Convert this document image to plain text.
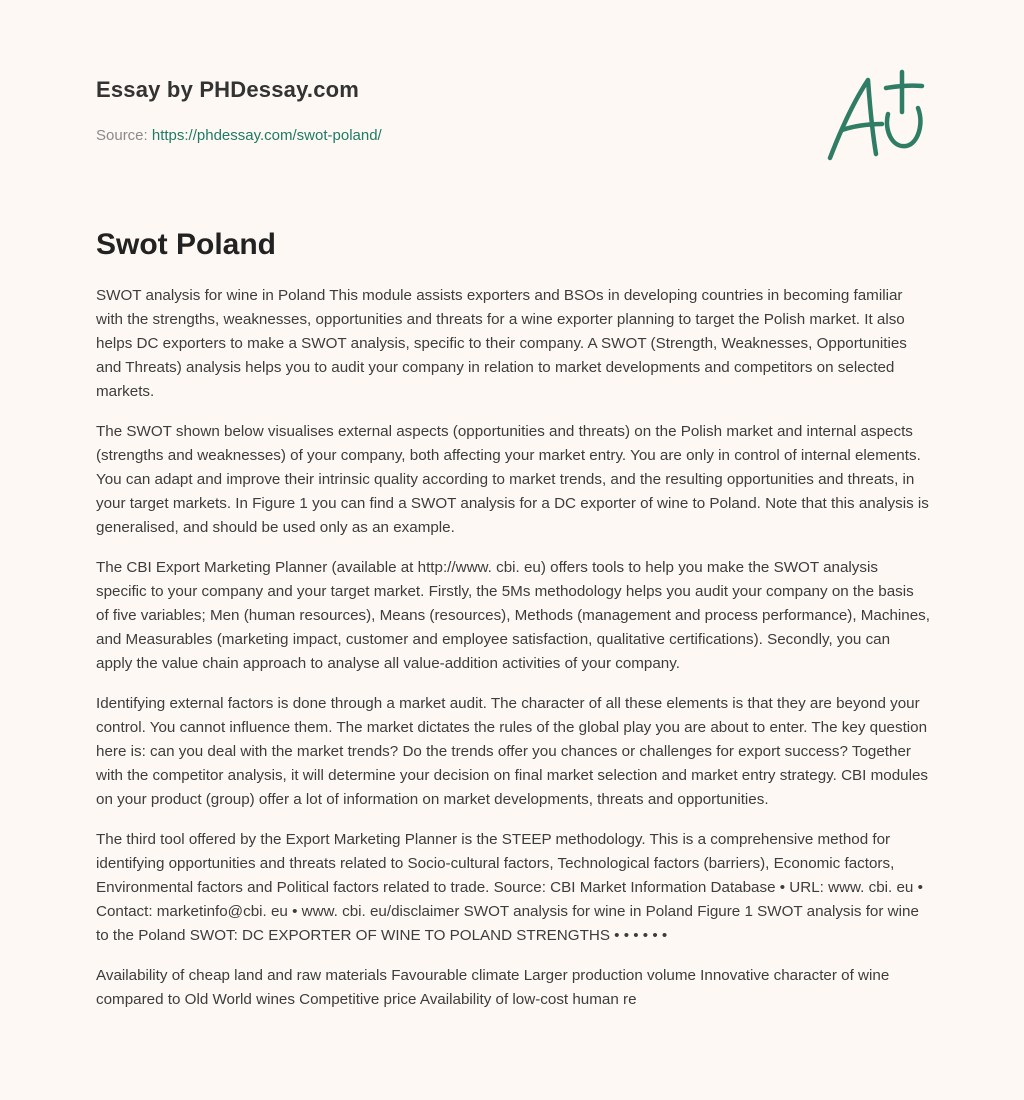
Essay by PHDessay.com
Source: https://phdessay.com/swot-poland/
Swot Poland

SWOT analysis for wine in Poland This module assists exporters and BSOs in developing countries in becoming familiar with the strengths, weaknesses, opportunities and threats for a wine exporter planning to target the Polish market. It also helps DC exporters to make a SWOT analysis, specific to their company. A SWOT (Strength, Weaknesses, Opportunities and Threats) analysis helps you to audit your company in relation to market developments and competitors on selected markets.

The SWOT shown below visualises external aspects (opportunities and threats) on the Polish market and internal aspects (strengths and weaknesses) of your company, both affecting your market entry. You are only in control of internal elements. You can adapt and improve their intrinsic quality according to market trends, and the resulting opportunities and threats, in your target markets. In Figure 1 you can find a SWOT analysis for a DC exporter of wine to Poland. Note that this analysis is generalised, and should be used only as an example.

The CBI Export Marketing Planner (available at http://www. cbi. eu) offers tools to help you make the SWOT analysis specific to your company and your target market. Firstly, the 5Ms methodology helps you audit your company on the basis of five variables; Men (human resources), Means (resources), Methods (management and process performance), Machines, and Measurables (marketing impact, customer and employee satisfaction, qualitative certifications). Secondly, you can apply the value chain approach to analyse all value-addition activities of your company.

Identifying external factors is done through a market audit. The character of all these elements is that they are beyond your control. You cannot influence them. The market dictates the rules of the global play you are about to enter. The key question here is: can you deal with the market trends? Do the trends offer you chances or challenges for export success? Together with the competitor analysis, it will determine your decision on final market selection and market entry strategy. CBI modules on your product (group) offer a lot of information on market developments, threats and opportunities.

The third tool offered by the Export Marketing Planner is the STEEP methodology. This is a comprehensive method for identifying opportunities and threats related to Socio-cultural factors, Technological factors (barriers), Economic factors, Environmental factors and Political factors related to trade. Source: CBI Market Information Database • URL: www. cbi. eu • Contact: marketinfo@cbi. eu • www. cbi. eu/disclaimer SWOT analysis for wine in Poland Figure 1 SWOT analysis for wine to the Poland SWOT: DC EXPORTER OF WINE TO POLAND STRENGTHS • • • • • •

Availability of cheap land and raw materials Favourable climate Larger production volume Innovative character of wine compared to Old World wines Competitive price Availability of low-cost human re
